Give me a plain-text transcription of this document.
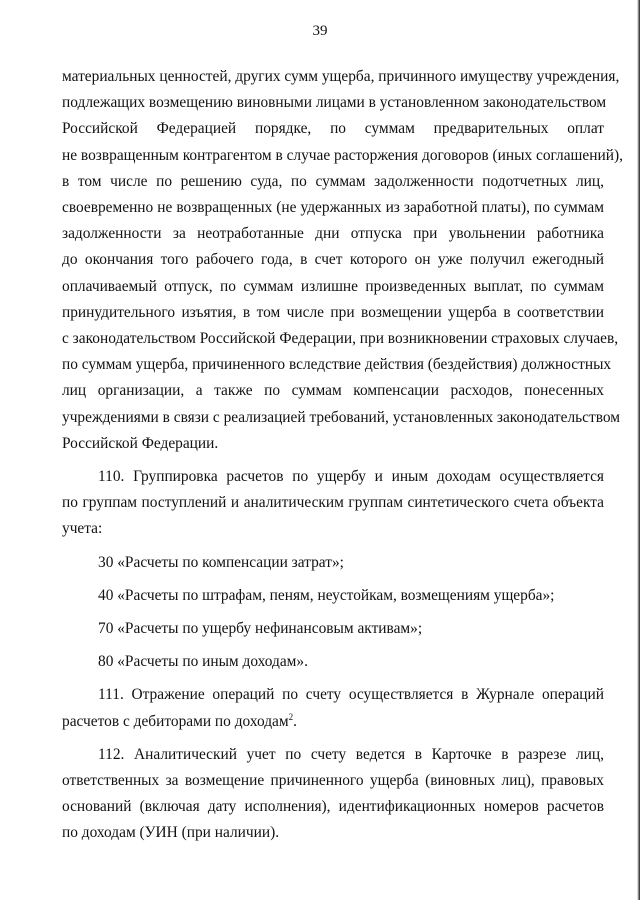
39
материальных ценностей, других сумм ущерба, причинного имуществу учреждения,
подлежащих возмещению виновными лицами в установленном законодательством
Российской Федерацией порядке, по суммам предварительных оплат
не возвращенным контрагентом в случае расторжения договоров (иных соглашений),
в том числе по решению суда, по суммам задолженности подотчетных лиц,
своевременно не возвращенных (не удержанных из заработной платы), по суммам
задолженности за неотработанные дни отпуска при увольнении работника
до окончания того рабочего года, в счет которого он уже получил ежегодный
оплачиваемый отпуск, по суммам излишне произведенных выплат, по суммам
принудительного изъятия, в том числе при возмещении ущерба в соответствии
с законодательством Российской Федерации, при возникновении страховых случаев,
по суммам ущерба, причиненного вследствие действия (бездействия) должностных
лиц организации, а также по суммам компенсации расходов, понесенных
учреждениями в связи с реализацией требований, установленных законодательством
Российской Федерации.
110. Группировка расчетов по ущербу и иным доходам осуществляется
по группам поступлений и аналитическим группам синтетического счета объекта
учета:
30 «Расчеты по компенсации затрат»;
40 «Расчеты по штрафам, пеням, неустойкам, возмещениям ущерба»;
70 «Расчеты по ущербу нефинансовым активам»;
80 «Расчеты по иным доходам».
111. Отражение операций по счету осуществляется в Журнале операций
расчетов с дебиторами по доходам$^2$.
112. Аналитический учет по счету ведется в Карточке в разрезе лиц,
ответственных за возмещение причиненного ущерба (виновных лиц), правовых
оснований (включая дату исполнения), идентификационных номеров расчетов
по доходам (УИН (при наличии).
